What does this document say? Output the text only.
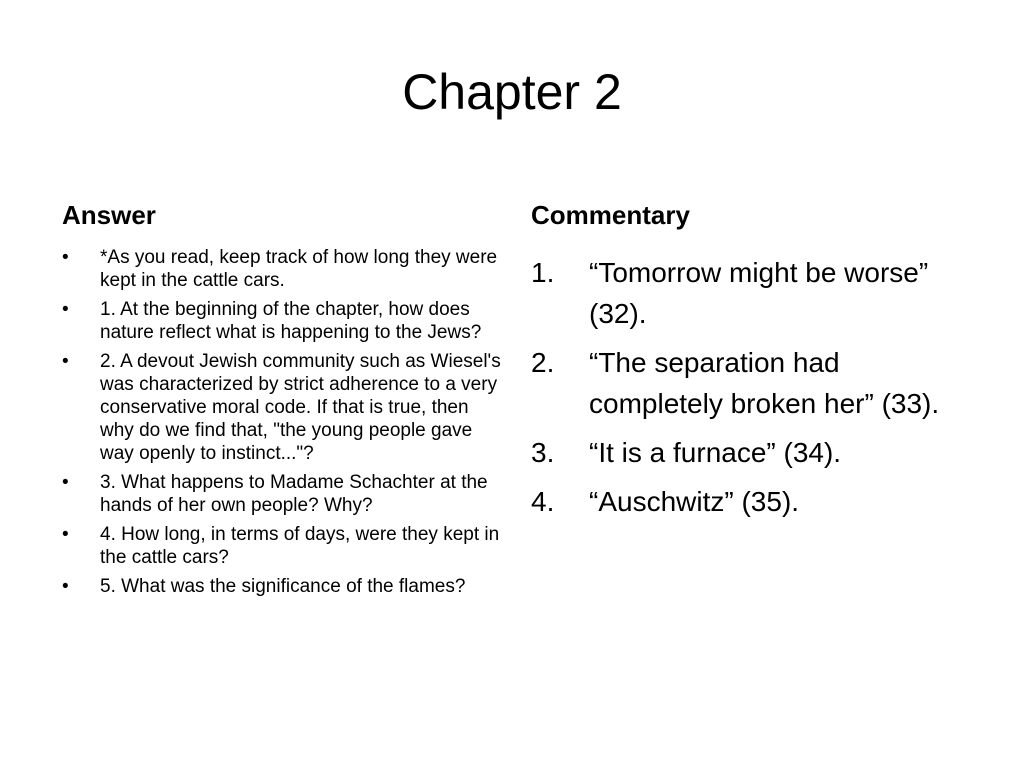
Chapter 2
Answer	Commentary
•	*As you read, keep track of how long they were kept in the cattle cars.
•	1. At the beginning of the chapter, how does nature reflect what is happening to the Jews?
•	2. A devout Jewish community such as Wiesel's was characterized by strict adherence to a very conservative moral code. If that is true, then why do we find that, "the young people gave way openly to instinct..."?
•	3. What happens to Madame Schachter at the hands of her own people? Why?
•	4. How long, in terms of days, were they kept in the cattle cars?
•	5. What was the significance of the flames?
1. “Tomorrow might be worse” (32).
2. “The separation had completely broken her” (33).
3. “It is a furnace” (34).
4. “Auschwitz” (35).
